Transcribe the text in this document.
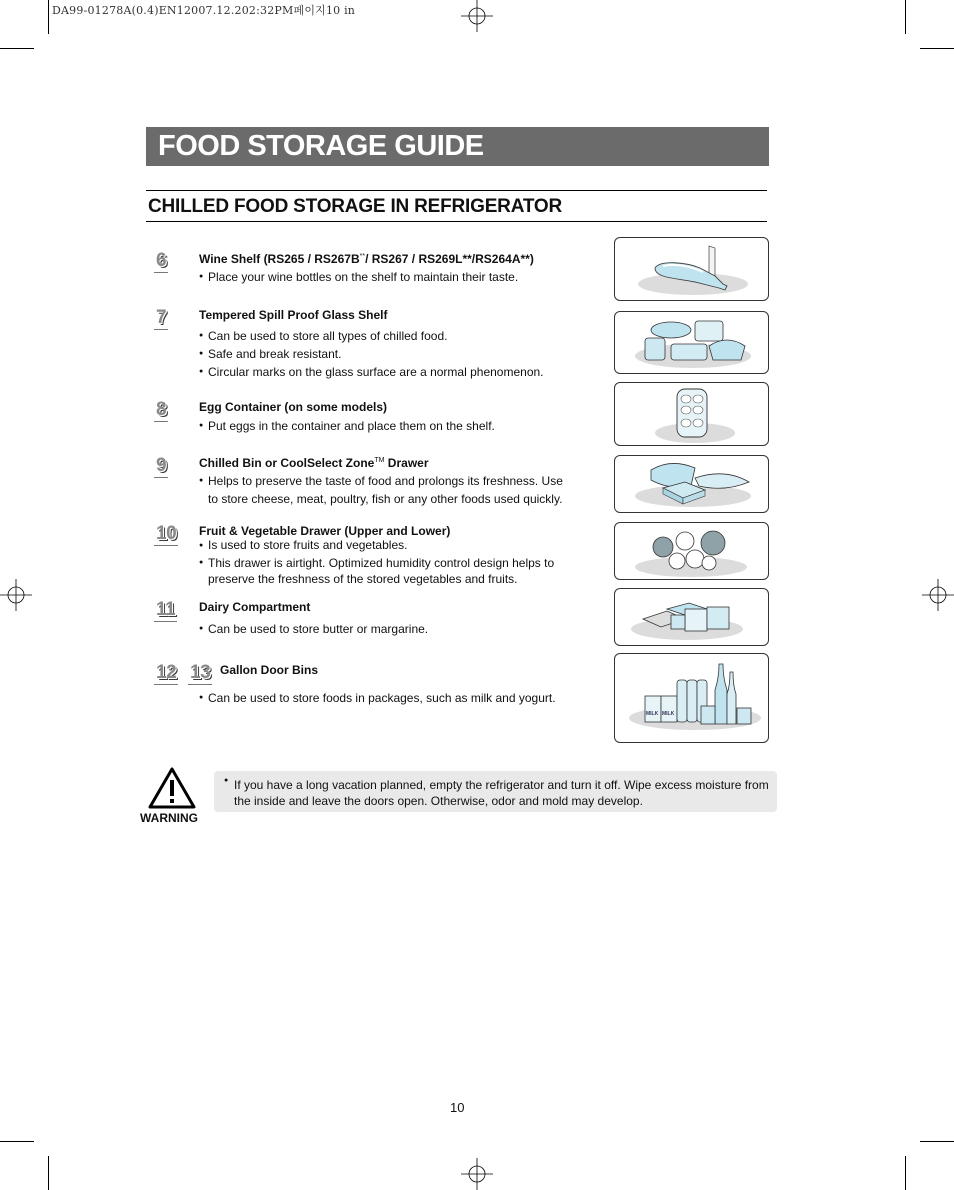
DA99-01278A(0.4)EN12007.12.202:32PM페이지10 in
FOOD STORAGE GUIDE
CHILLED FOOD STORAGE IN REFRIGERATOR
6	Wine Shelf (RS265 / RS267B**/ RS267 / RS269L**/RS264A**)
● Place your wine bottles on the shelf to maintain their taste.
7	Tempered Spill Proof Glass Shelf
● Can be used to store all types of chilled food.
● Safe and break resistant.
● Circular marks on the glass surface are a normal phenomenon.
8	Egg Container (on some models)
● Put eggs in the container and place them on the shelf.
9	Chilled Bin or CoolSelect Zone™ Drawer
● Helps to preserve the taste of food and prolongs its freshness. Use to store cheese, meat, poultry, fish or any other foods used quickly.
10 Fruit & Vegetable Drawer (Upper and Lower)
● Is used to store fruits and vegetables.
● This drawer is airtight. Optimized humidity control design helps to preserve the freshness of the stored vegetables and fruits.
11 Dairy Compartment
● Can be used to store butter or margarine.
12 13 Gallon Door Bins
● Can be used to store foods in packages, such as milk and yogurt.
MILK MILK
WARNING
● If you have a long vacation planned, empty the refrigerator and turn it off. Wipe excess moisture from the inside and leave the doors open. Otherwise, odor and mold may develop.

10
